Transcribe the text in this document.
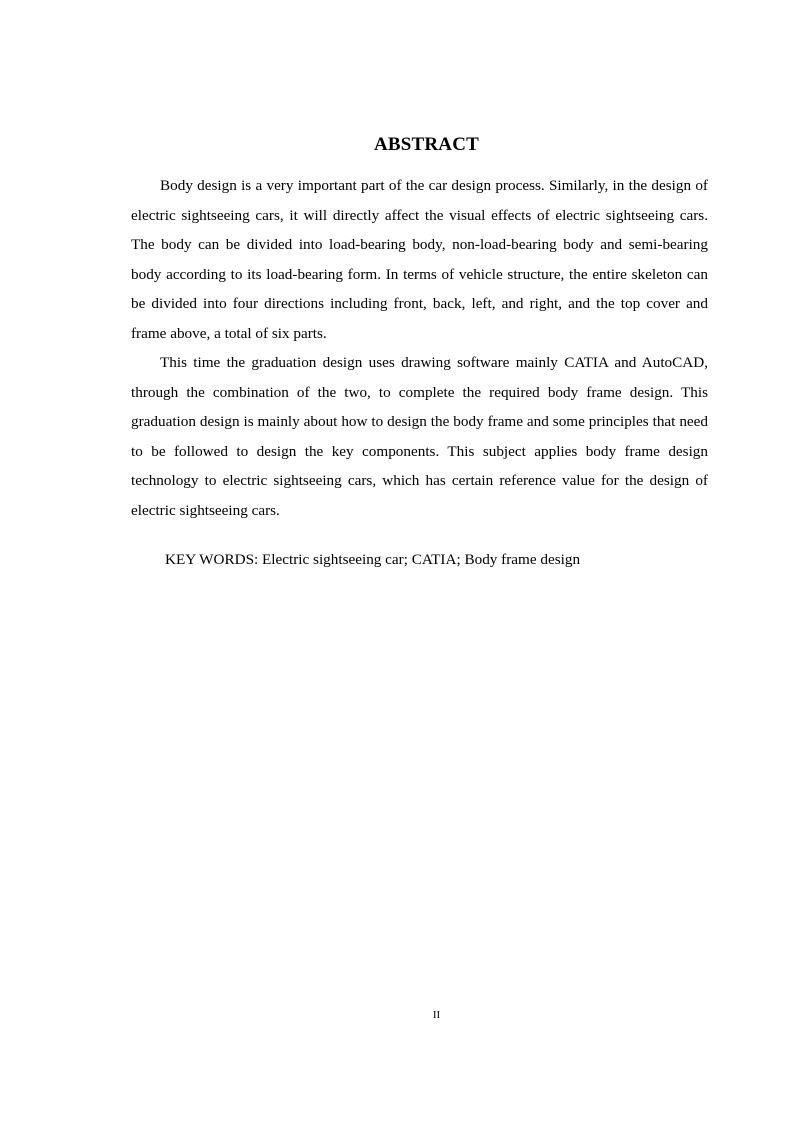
ABSTRACT

Body design is a very important part of the car design process. Similarly, in the design of electric sightseeing cars, it will directly affect the visual effects of electric sightseeing cars. The body can be divided into load-bearing body, non-load-bearing body and semi-bearing body according to its load-bearing form. In terms of vehicle structure, the entire skeleton can be divided into four directions including front, back, left, and right, and the top cover and frame above, a total of six parts.

This time the graduation design uses drawing software mainly CATIA and AutoCAD, through the combination of the two, to complete the required body frame design. This graduation design is mainly about how to design the body frame and some principles that need to be followed to design the key components. This subject applies body frame design technology to electric sightseeing cars, which has certain reference value for the design of electric sightseeing cars.

KEY WORDS: Electric sightseeing car; CATIA; Body frame design
II
